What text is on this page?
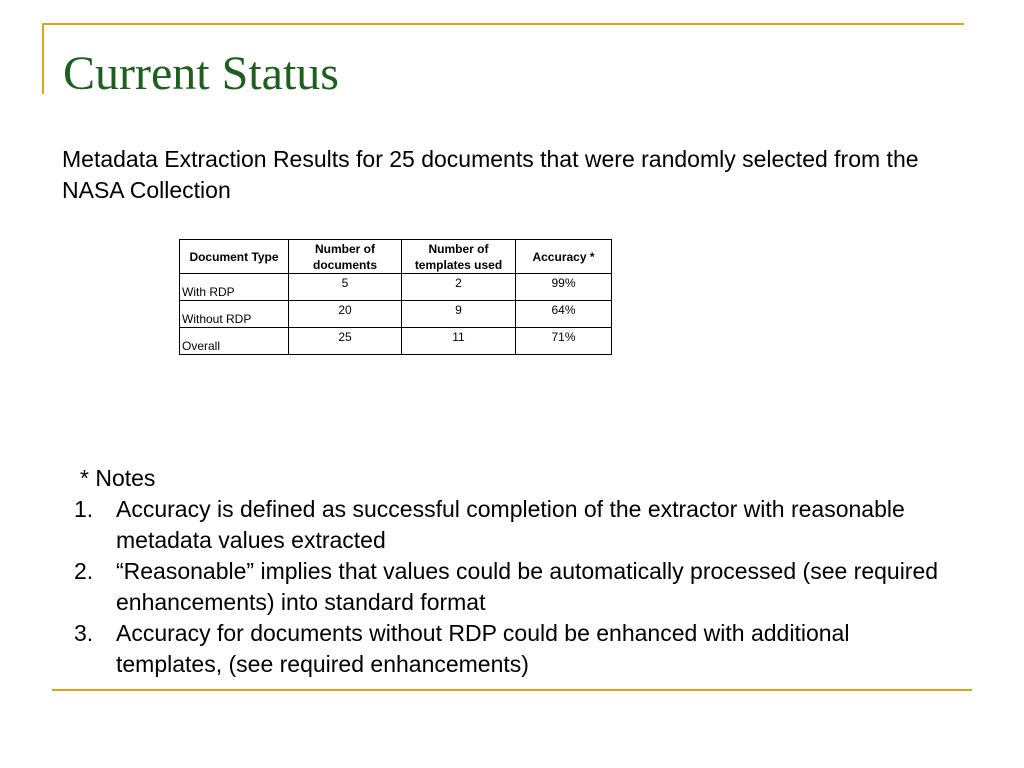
Current Status

Metadata Extraction Results for 25 documents that were randomly selected from the NASA Collection

Document Type	Number of documents	Number of templates used	Accuracy *
With RDP	5	2	99%
Without RDP	20	9	64%
Overall	25	11	71%

* Notes

1. Accuracy is defined as successful completion of the extractor with reasonable metadata values extracted
2. “Reasonable” implies that values could be automatically processed (see required enhancements) into standard format
3. Accuracy for documents without RDP could be enhanced with additional templates, (see required enhancements)
